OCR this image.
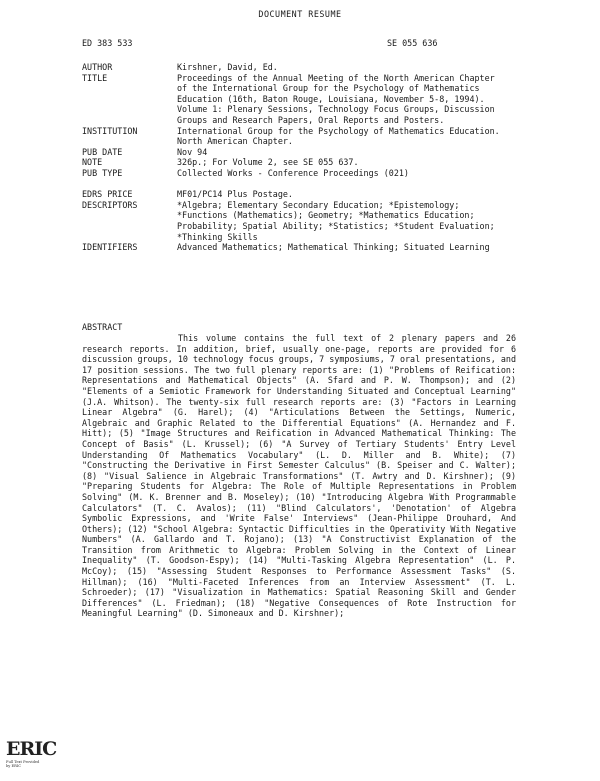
DOCUMENT RESUME
ED 383 533	SE 055 636
AUTHOR	Kirshner, David, Ed.
TITLE	Proceedings of the Annual Meeting of the North American Chapter of the International Group for the Psychology of Mathematics Education (16th, Baton Rouge, Louisiana, November 5-8, 1994). Volume 1: Plenary Sessions, Technology Focus Groups, Discussion Groups and Research Papers, Oral Reports and Posters.
INSTITUTION	International Group for the Psychology of Mathematics Education. North American Chapter.
PUB DATE	Nov 94
NOTE	326p.; For Volume 2, see SE 055 637.
PUB TYPE	Collected Works - Conference Proceedings (021)
EDRS PRICE	MF01/PC14 Plus Postage.
DESCRIPTORS	*Algebra; Elementary Secondary Education; *Epistemology; *Functions (Mathematics); Geometry; *Mathematics Education; Probability; Spatial Ability; *Statistics; *Student Evaluation; *Thinking Skills
IDENTIFIERS	Advanced Mathematics; Mathematical Thinking; Situated Learning
ABSTRACT
This volume contains the full text of 2 plenary papers and 26 research reports. In addition, brief, usually one-page, reports are provided for 6 discussion groups, 10 technology focus groups, 7 symposiums, 7 oral presentations, and 17 position sessions. The two full plenary reports are: (1) "Problems of Reification: Representations and Mathematical Objects" (A. Sfard and P. W. Thompson); and (2) "Elements of a Semiotic Framework for Understanding Situated and Conceptual Learning" (J.A. Whitson). The twenty-six full research reports are: (3) "Factors in Learning Linear Algebra" (G. Harel); (4) "Articulations Between the Settings, Numeric, Algebraic and Graphic Related to the Differential Equations" (A. Hernandez and F. Hitt); (5) "Image Structures and Reification in Advanced Mathematical Thinking: The Concept of Basis" (L. Krussel); (6) "A Survey of Tertiary Students' Entry Level Understanding Of Mathematics Vocabulary" (L. D. Miller and B. White); (7) "Constructing the Derivative in First Semester Calculus" (B. Speiser and C. Walter); (8) "Visual Salience in Algebraic Transformations" (T. Awtry and D. Kirshner); (9) "Preparing Students for Algebra: The Role of Multiple Representations in Problem Solving" (M. K. Brenner and B. Moseley); (10) "Introducing Algebra With Programmable Calculators" (T. C. Avalos); (11) "Blind Calculators', 'Denotation' of Algebra Symbolic Expressions, and 'Write False' Interviews" (Jean-Philippe Drouhard, And Others); (12) "School Algebra: Syntactic Difficulties in the Operativity With Negative Numbers" (A. Gallardo and T. Rojano); (13) "A Constructivist Explanation of the Transition from Arithmetic to Algebra: Problem Solving in the Context of Linear Inequality" (T. Goodson-Espy); (14) "Multi-Tasking Algebra Representation" (L. P. McCoy); (15) "Assessing Student Responses to Performance Assessment Tasks" (S. Hillman); (16) "Multi-Faceted Inferences from an Interview Assessment" (T. L. Schroeder); (17) "Visualization in Mathematics: Spatial Reasoning Skill and Gender Differences" (L. Friedman); (18) "Negative Consequences of Rote Instruction for Meaningful Learning" (D. Simoneaux and D. Kirshner);
ERIC
Full Text Provided by ERIC
